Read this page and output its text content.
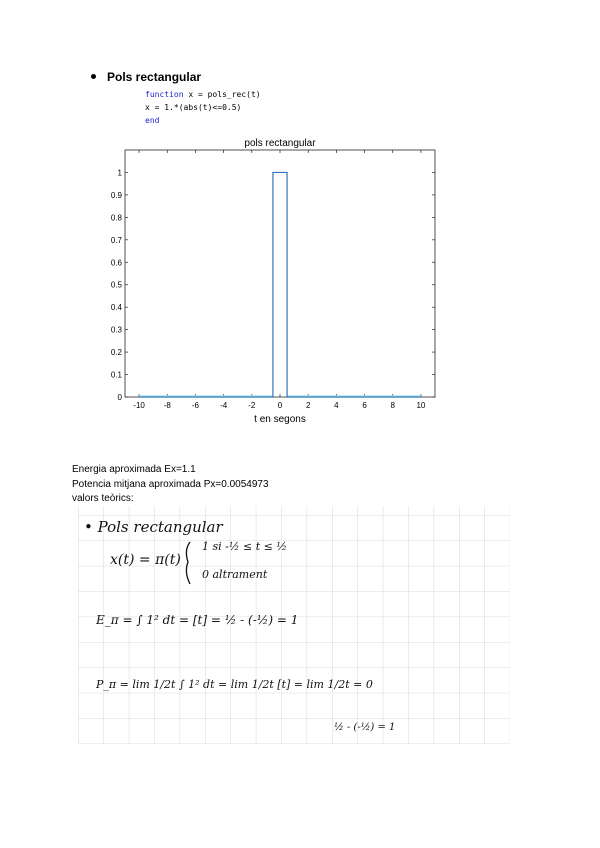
Pols rectangular
function x = pols_rec(t)
x = 1.*(abs(t)<=0.5)
end
pols rectangular
-10 -8	-6	-4	-2	0	2	4	6	8	10
0
0.1
0.2
0.3
0.4
0.5
0.6
0.7
0.8
0.9
1
t en segons
Energia aproximada Ex=1.1
Potencia mitjana aproximada Px=0.0054973
valors teòrics:
• Pols rectangular
x(t) = π(t)
1 si -½ ≤ t ≤ ½
0 altrament
E_π = ∫ 1² dt = [t] = ½ - (-½) = 1
P_π = lim 1/2t ∫ 1² dt = lim 1/2t [t] = lim 1/2t = 0
½ - (-½) = 1
